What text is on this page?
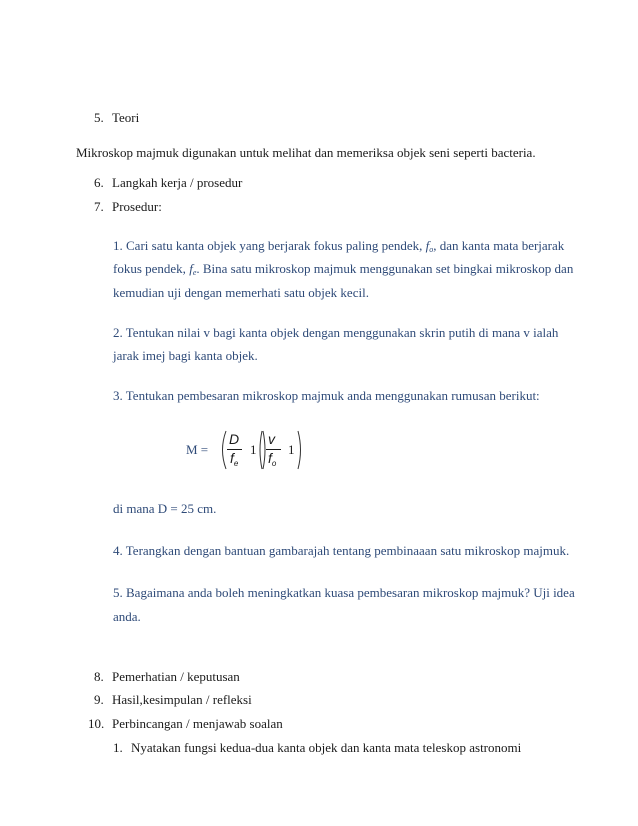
5. Teori
Mikroskop majmuk digunakan untuk melihat dan memeriksa objek seni seperti bacteria.
6. Langkah kerja / prosedur
7. Prosedur:
1. Cari satu kanta objek yang berjarak fokus paling pendek, $f_o$, dan kanta mata berjarak
fokus pendek, $f_e$. Bina satu mikroskop majmuk menggunakan set bingkai mikroskop dan
kemudian uji dengan memerhati satu objek kecil.
2. Tentukan nilai v bagi kanta objek dengan menggunakan skrin putih di mana v ialah
jarak imej bagi kanta objek.
3. Tentukan pembesaran mikroskop majmuk anda menggunakan rumusan berikut:
M =
D
$f_e$
1
v
$f_o$
1
di mana D = 25 cm.
4. Terangkan dengan bantuan gambarajah tentang pembinaaan satu mikroskop majmuk.
5. Bagaimana anda boleh meningkatkan kuasa pembesaran mikroskop majmuk? Uji idea
anda.
8. Pemerhatian / keputusan
9. Hasil,kesimpulan / refleksi
10. Perbincangan / menjawab soalan
1. Nyatakan fungsi kedua-dua kanta objek dan kanta mata teleskop astronomi
